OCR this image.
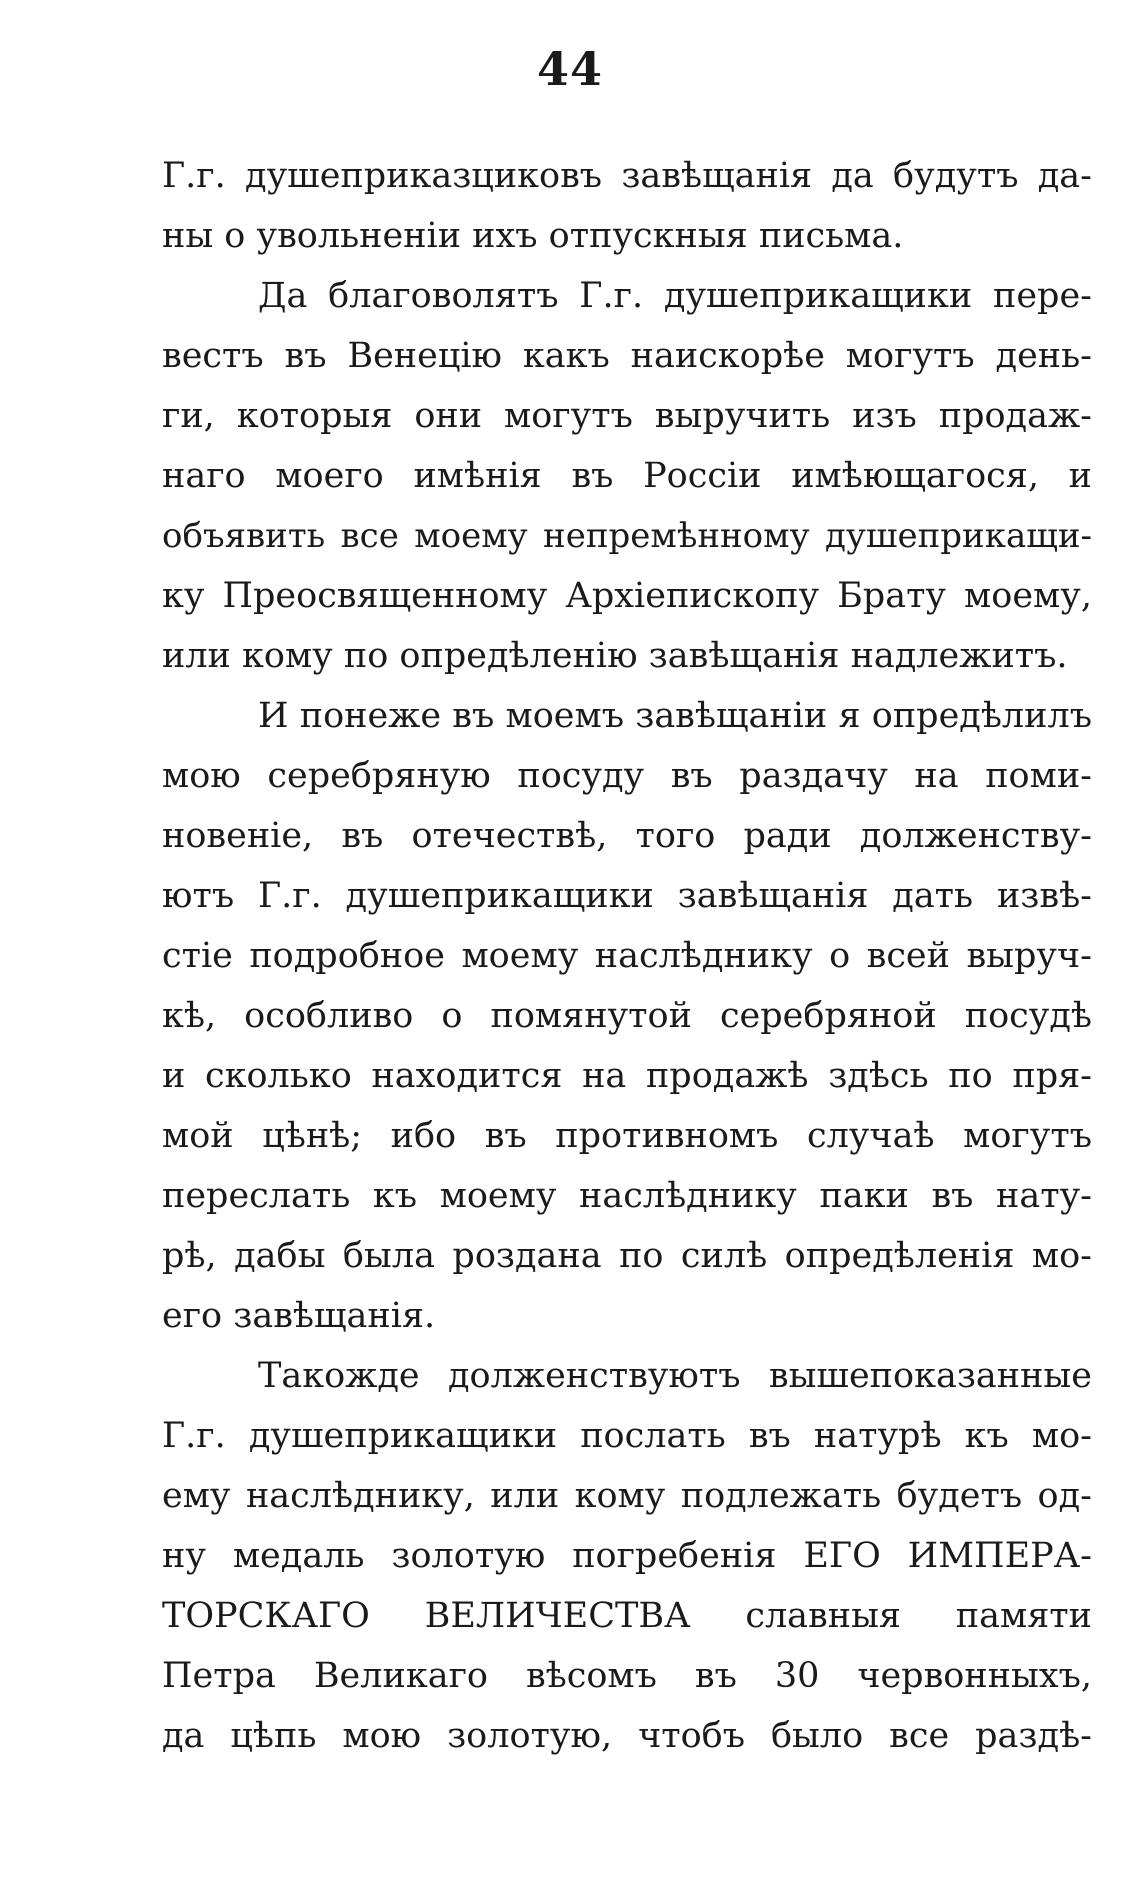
44
Г.г. душеприказциковъ завѣщанія да будутъ да-
ны о увольненіи ихъ отпускныя письма.
Да благоволятъ Г.г. душеприкащики пере-
вестъ въ Венецію какъ наискорѣе могутъ день-
ги, которыя они могутъ выручить изъ продаж-
наго моего имѣнія въ Россіи имѣющагося, и
объявить все моему непремѣнному душеприкащи-
ку Преосвященному Архіепископу Брату моему,
или кому по опредѣленію завѣщанія надлежитъ.
И понеже въ моемъ завѣщаніи я опредѣлилъ
мою серебряную посуду въ раздачу на поми-
новеніе, въ отечествѣ, того ради долженству-
ютъ Г.г. душеприкащики завѣщанія дать извѣ-
стіе подробное моему наслѣднику о всей выруч-
кѣ, особливо о помянутой серебряной посудѣ
и сколько находится на продажѣ здѣсь по пря-
мой цѣнѣ; ибо въ противномъ случаѣ могутъ
переслать къ моему наслѣднику паки въ нату-
рѣ, дабы была роздана по силѣ опредѣленія мо-
его завѣщанія.
Такожде долженствуютъ вышепоказанные
Г.г. душеприкащики послать въ натурѣ къ мо-
ему наслѣднику, или кому подлежать будетъ од-
ну медаль золотую погребенія ЕГО ИМПЕРА-
ТОРСКАГО ВЕЛИЧЕСТВА славныя памяти
Петра Великаго вѣсомъ въ 30 червонныхъ,
да цѣпь мою золотую, чтобъ было все раздѣ-
